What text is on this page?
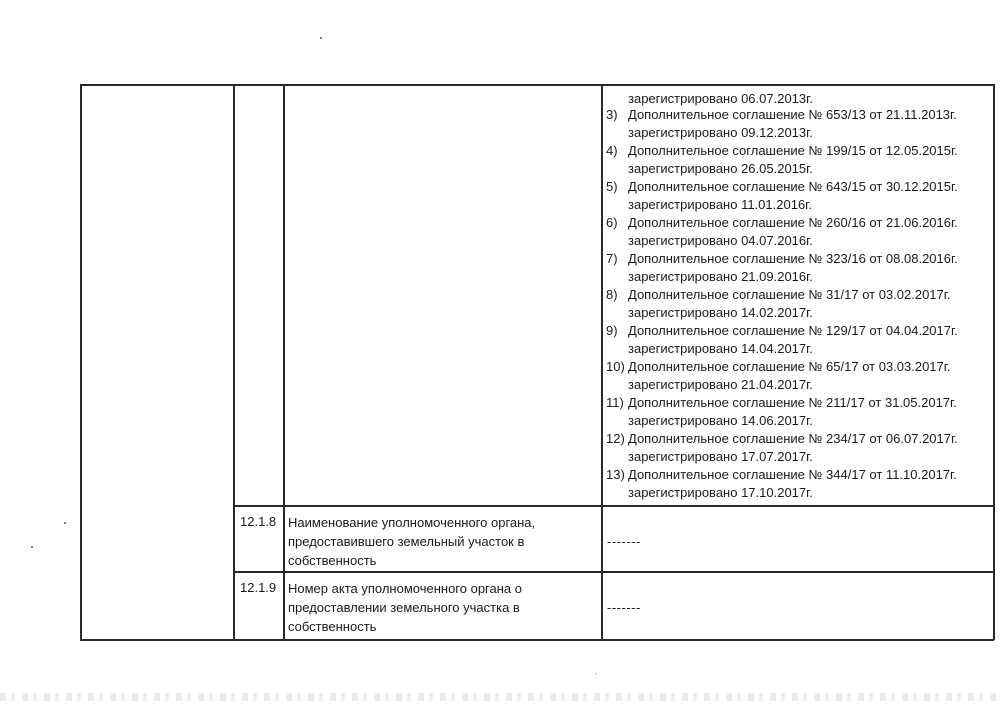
зарегистрировано 06.07.2013г.
3) Дополнительное соглашение № 653/13 от 21.11.2013г.
зарегистрировано 09.12.2013г.
4) Дополнительное соглашение № 199/15 от 12.05.2015г.
зарегистрировано 26.05.2015г.
5) Дополнительное соглашение № 643/15 от 30.12.2015г.
зарегистрировано 11.01.2016г.
6) Дополнительное соглашение № 260/16 от 21.06.2016г.
зарегистрировано 04.07.2016г.
7) Дополнительное соглашение № 323/16 от 08.08.2016г.
зарегистрировано 21.09.2016г.
8) Дополнительное соглашение № 31/17 от 03.02.2017г.
зарегистрировано 14.02.2017г.
9) Дополнительное соглашение № 129/17 от 04.04.2017г.
зарегистрировано 14.04.2017г.
10) Дополнительное соглашение № 65/17 от 03.03.2017г.
зарегистрировано 21.04.2017г.
11) Дополнительное соглашение № 211/17 от 31.05.2017г.
зарегистрировано 14.06.2017г.
12) Дополнительное соглашение № 234/17 от 06.07.2017г.
зарегистрировано 17.07.2017г.
13) Дополнительное соглашение № 344/17 от 11.10.2017г.
зарегистрировано 17.10.2017г.
12.1.8 Наименование уполномоченного органа,
предоставившего земельный участок в
собственность
-------
12.1.9 Номер акта уполномоченного органа о
предоставлении земельного участка в
собственность
-------
